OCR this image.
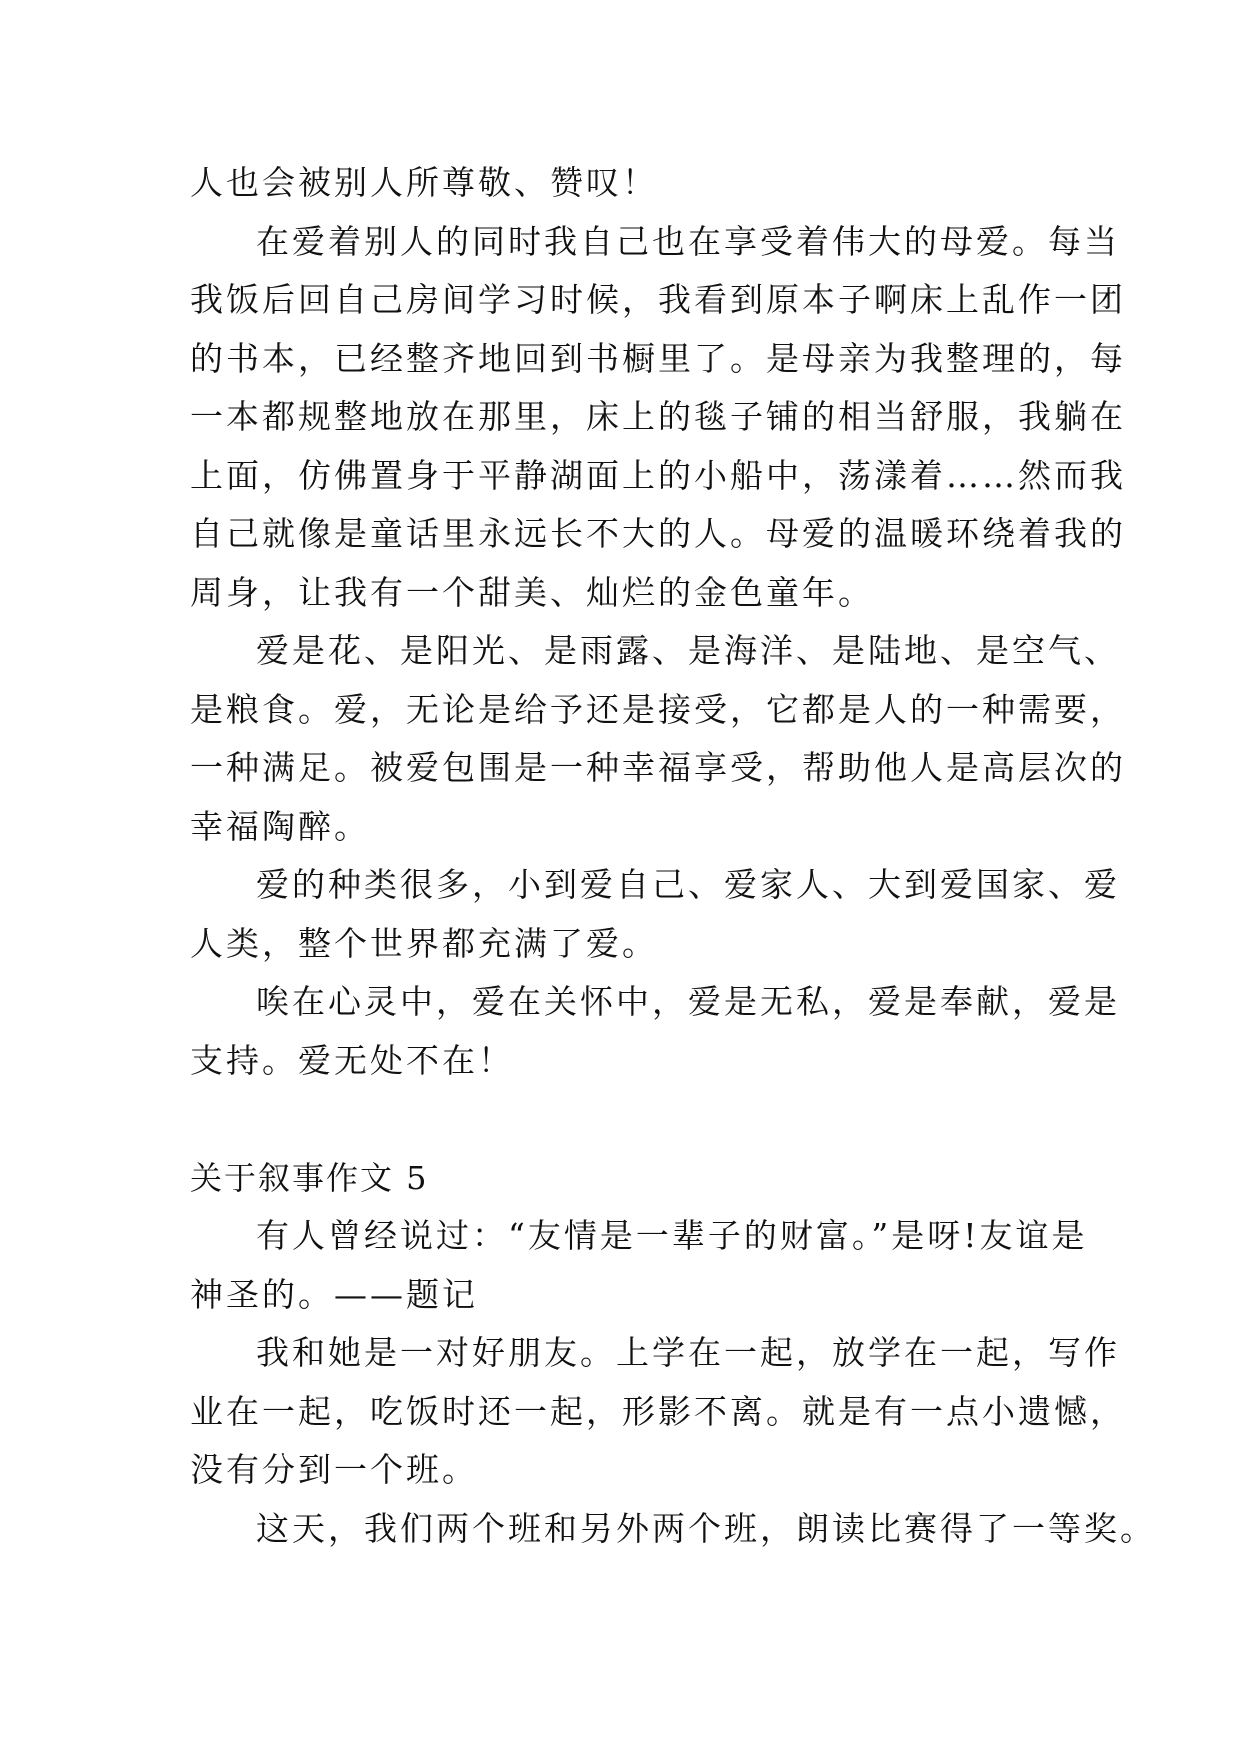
人也会被别人所尊敬、赞叹！

在爱着别人的同时我自己也在享受着伟大的母爱。每当

我饭后回自己房间学习时候，我看到原本子啊床上乱作一团

的书本，已经整齐地回到书橱里了。是母亲为我整理的，每

一本都规整地放在那里，床上的毯子铺的相当舒服，我躺在

上面，仿佛置身于平静湖面上的小船中，荡漾着……然而我

自己就像是童话里永远长不大的人。母爱的温暖环绕着我的

周身，让我有一个甜美、灿烂的金色童年。

爱是花、是阳光、是雨露、是海洋、是陆地、是空气、

是粮食。爱，无论是给予还是接受，它都是人的一种需要，

一种满足。被爱包围是一种幸福享受，帮助他人是高层次的

幸福陶醉。

爱的种类很多，小到爱自己、爱家人、大到爱国家、爱

人类，整个世界都充满了爱。

唉在心灵中，爱在关怀中，爱是无私，爱是奉献，爱是

支持。爱无处不在！

关于叙事作文 5

有人曾经说过：“友情是一辈子的财富。”是呀!友谊是

神圣的。——题记

我和她是一对好朋友。上学在一起，放学在一起，写作

业在一起，吃饭时还一起，形影不离。就是有一点小遗憾，

没有分到一个班。

这天，我们两个班和另外两个班，朗读比赛得了一等奖。
